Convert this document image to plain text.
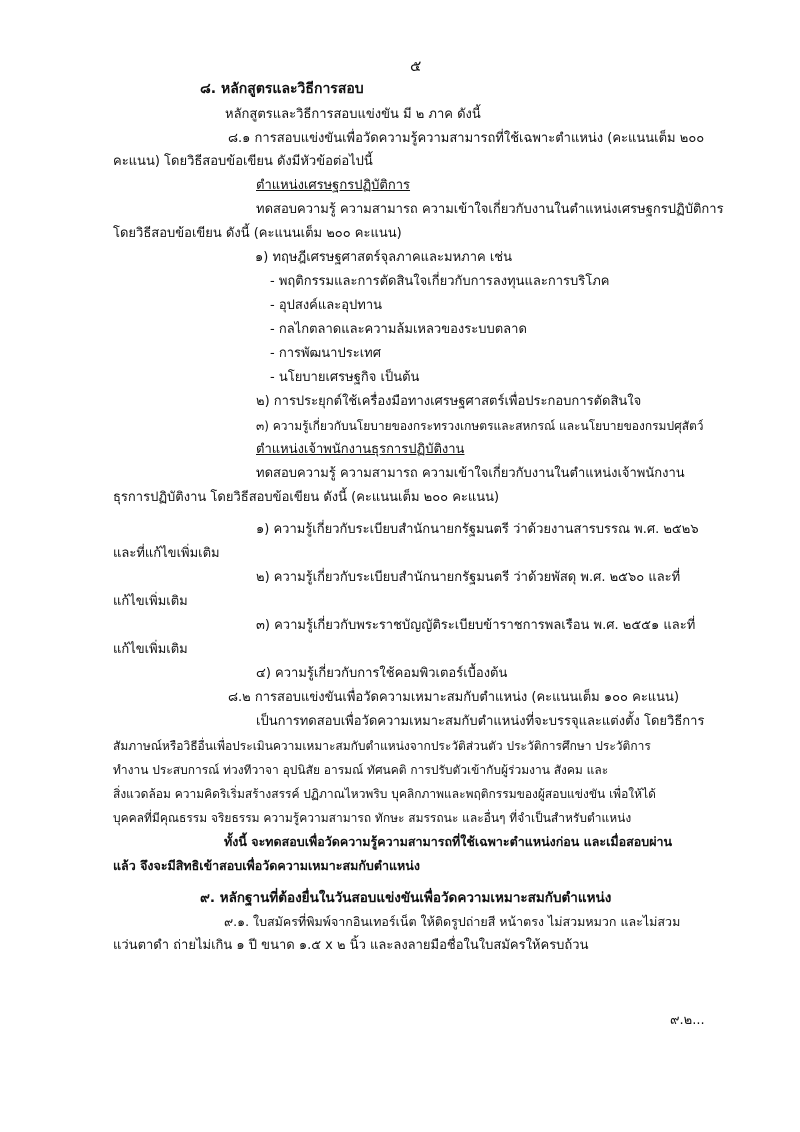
๕
๘. หลักสูตรและวิธีการสอบ
หลักสูตรและวิธีการสอบแข่งขัน มี ๒ ภาค ดังนี้
๘.๑ การสอบแข่งขันเพื่อวัดความรู้ความสามารถที่ใช้เฉพาะตำแหน่ง (คะแนนเต็ม ๒๐๐
คะแนน) โดยวิธีสอบข้อเขียน ดังมีหัวข้อต่อไปนี้
ตำแหน่งเศรษฐกรปฏิบัติการ
ทดสอบความรู้ ความสามารถ ความเข้าใจเกี่ยวกับงานในตำแหน่งเศรษฐกรปฏิบัติการ
โดยวิธีสอบข้อเขียน ดังนี้ (คะแนนเต็ม ๒๐๐ คะแนน)
๑) ทฤษฎีเศรษฐศาสตร์จุลภาคและมหภาค เช่น
- พฤติกรรมและการตัดสินใจเกี่ยวกับการลงทุนและการบริโภค
- อุปสงค์และอุปทาน
- กลไกตลาดและความล้มเหลวของระบบตลาด
- การพัฒนาประเทศ
- นโยบายเศรษฐกิจ เป็นต้น
๒) การประยุกต์ใช้เครื่องมือทางเศรษฐศาสตร์เพื่อประกอบการตัดสินใจ
๓) ความรู้เกี่ยวกับนโยบายของกระทรวงเกษตรและสหกรณ์ และนโยบายของกรมปศุสัตว์
ตำแหน่งเจ้าพนักงานธุรการปฏิบัติงาน
ทดสอบความรู้ ความสามารถ ความเข้าใจเกี่ยวกับงานในตำแหน่งเจ้าพนักงาน
ธุรการปฏิบัติงาน โดยวิธีสอบข้อเขียน ดังนี้ (คะแนนเต็ม ๒๐๐ คะแนน)
๑) ความรู้เกี่ยวกับระเบียบสำนักนายกรัฐมนตรี ว่าด้วยงานสารบรรณ พ.ศ. ๒๕๒๖
และที่แก้ไขเพิ่มเติม
๒) ความรู้เกี่ยวกับระเบียบสำนักนายกรัฐมนตรี ว่าด้วยพัสดุ พ.ศ. ๒๕๖๐ และที่
แก้ไขเพิ่มเติม
๓) ความรู้เกี่ยวกับพระราชบัญญัติระเบียบข้าราชการพลเรือน พ.ศ. ๒๕๕๑ และที่
แก้ไขเพิ่มเติม
๔) ความรู้เกี่ยวกับการใช้คอมพิวเตอร์เบื้องต้น
๘.๒ การสอบแข่งขันเพื่อวัดความเหมาะสมกับตำแหน่ง (คะแนนเต็ม ๑๐๐ คะแนน)
เป็นการทดสอบเพื่อวัดความเหมาะสมกับตำแหน่งที่จะบรรจุและแต่งตั้ง โดยวิธีการ
สัมภาษณ์หรือวิธีอื่นเพื่อประเมินความเหมาะสมกับตำแหน่งจากประวัติส่วนตัว ประวัติการศึกษา ประวัติการ
ทำงาน ประสบการณ์ ท่วงทีวาจา อุปนิสัย อารมณ์ ทัศนคติ การปรับตัวเข้ากับผู้ร่วมงาน สังคม และ
สิ่งแวดล้อม ความคิดริเริ่มสร้างสรรค์ ปฏิภาณไหวพริบ บุคลิกภาพและพฤติกรรมของผู้สอบแข่งขัน เพื่อให้ได้
บุคคลที่มีคุณธรรม จริยธรรม ความรู้ความสามารถ ทักษะ สมรรถนะ และอื่นๆ ที่จำเป็นสำหรับตำแหน่ง
ทั้งนี้ จะทดสอบเพื่อวัดความรู้ความสามารถที่ใช้เฉพาะตำแหน่งก่อน และเมื่อสอบผ่าน
แล้ว จึงจะมีสิทธิเข้าสอบเพื่อวัดความเหมาะสมกับตำแหน่ง
๙. หลักฐานที่ต้องยื่นในวันสอบแข่งขันเพื่อวัดความเหมาะสมกับตำแหน่ง
๙.๑. ใบสมัครที่พิมพ์จากอินเทอร์เน็ต ให้ติดรูปถ่ายสี หน้าตรง ไม่สวมหมวก และไม่สวม
แว่นตาดำ ถ่ายไม่เกิน ๑ ปี ขนาด ๑.๕ x ๒ นิ้ว และลงลายมือชื่อในใบสมัครให้ครบถ้วน
๙.๒...
